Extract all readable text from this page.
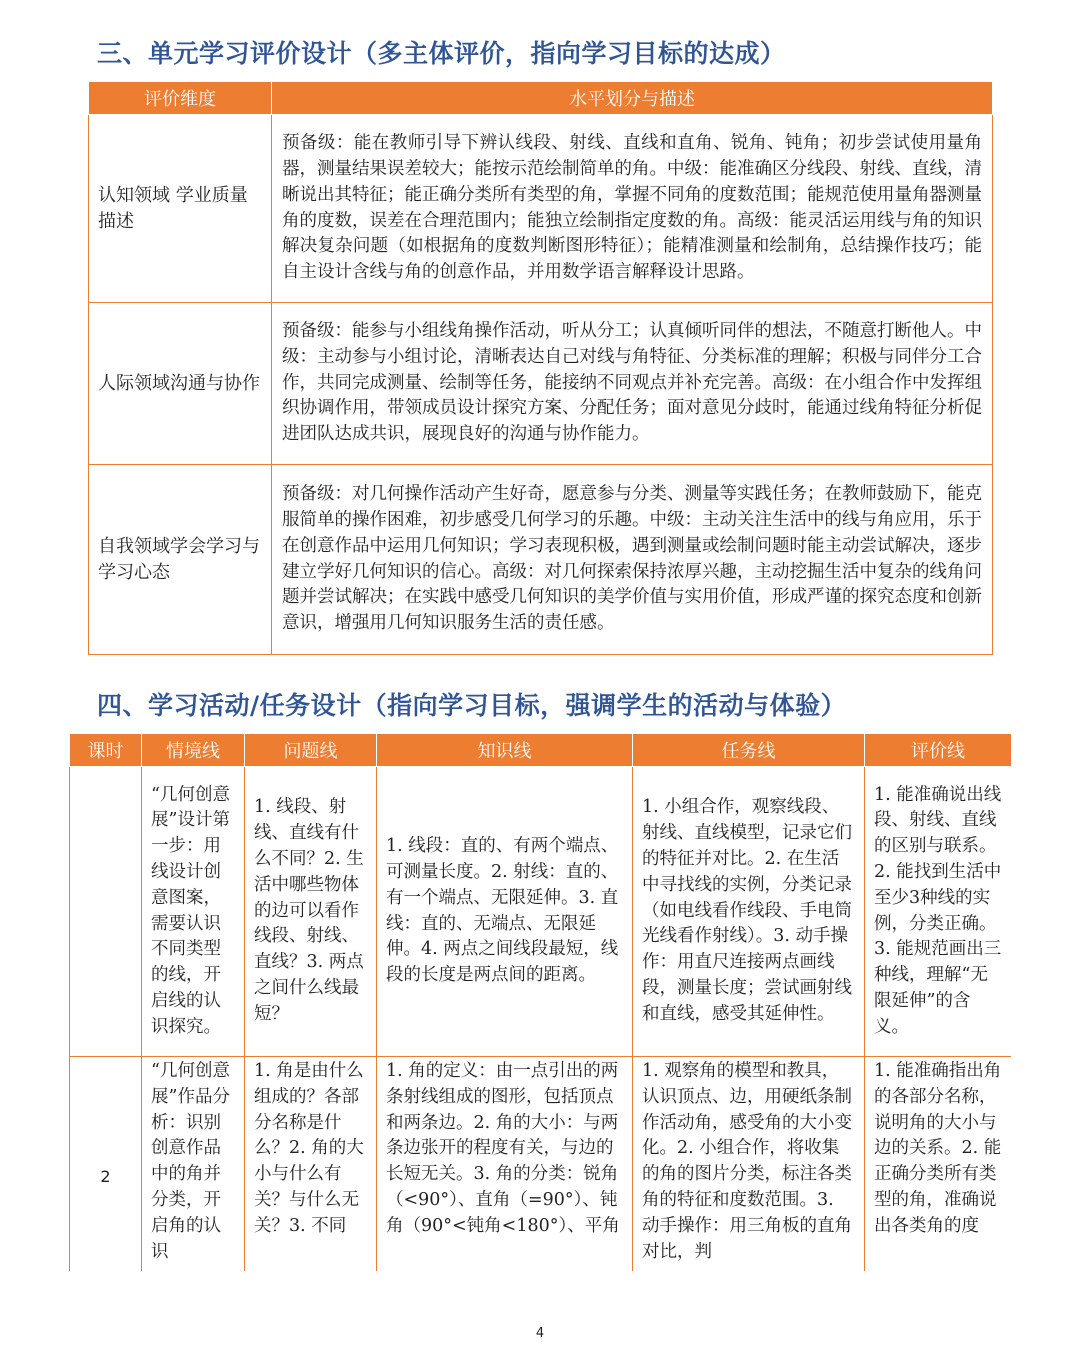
三、单元学习评价设计（多主体评价，指向学习目标的达成）
评价维度	水平划分与描述
认知领域 学业质量描述	预备级：能在教师引导下辨认线段、射线、直线和直角、锐角、钝角；初步尝试使用量角器，测量结果误差较大；能按示范绘制简单的角。中级：能准确区分线段、射线、直线，清晰说出其特征；能正确分类所有类型的角，掌握不同角的度数范围；能规范使用量角器测量角的度数，误差在合理范围内；能独立绘制指定度数的角。高级：能灵活运用线与角的知识解决复杂问题（如根据角的度数判断图形特征）；能精准测量和绘制角，总结操作技巧；能自主设计含线与角的创意作品，并用数学语言解释设计思路。
人际领域沟通与协作	预备级：能参与小组线角操作活动，听从分工；认真倾听同伴的想法，不随意打断他人。中级：主动参与小组讨论，清晰表达自己对线与角特征、分类标准的理解；积极与同伴分工合作，共同完成测量、绘制等任务，能接纳不同观点并补充完善。高级：在小组合作中发挥组织协调作用，带领成员设计探究方案、分配任务；面对意见分歧时，能通过线角特征分析促进团队达成共识，展现良好的沟通与协作能力。
自我领域学会学习与学习心态	预备级：对几何操作活动产生好奇，愿意参与分类、测量等实践任务；在教师鼓励下，能克服简单的操作困难，初步感受几何学习的乐趣。中级：主动关注生活中的线与角应用，乐于在创意作品中运用几何知识；学习表现积极，遇到测量或绘制问题时能主动尝试解决，逐步建立学好几何知识的信心。高级：对几何探索保持浓厚兴趣，主动挖掘生活中复杂的线角问题并尝试解决；在实践中感受几何知识的美学价值与实用价值，形成严谨的探究态度和创新意识，增强用几何知识服务生活的责任感。
四、学习活动/任务设计（指向学习目标，强调学生的活动与体验）
课时	情境线	问题线	知识线	任务线	评价线
	“几何创意展”设计第一步：用线设计创意图案，需要认识不同类型的线，开启线的认识探究。	1. 线段、射线、直线有什么不同？2. 生活中哪些物体的边可以看作线段、射线、直线？3. 两点之间什么线最短？	1. 线段：直的、有两个端点、可测量长度。2. 射线：直的、有一个端点、无限延伸。3. 直线：直的、无端点、无限延伸。4. 两点之间线段最短，线段的长度是两点间的距离。	1. 小组合作，观察线段、射线、直线模型，记录它们的特征并对比。2. 在生活中寻找线的实例，分类记录（如电线看作线段、手电筒光线看作射线）。3. 动手操作：用直尺连接两点画线段，测量长度；尝试画射线和直线，感受其延伸性。	1. 能准确说出线段、射线、直线的区别与联系。2. 能找到生活中至少3种线的实例，分类正确。3. 能规范画出三种线，理解“无限延伸”的含义。
2	“几何创意展”作品分析：识别创意作品中的角并分类，开启角的认识	1. 角是由什么组成的？各部分名称是什么？2. 角的大小与什么有关？与什么无关？3. 不同	1. 角的定义：由一点引出的两条射线组成的图形，包括顶点和两条边。2. 角的大小：与两条边张开的程度有关，与边的长短无关。3. 角的分类：锐角（<90°）、直角（=90°）、钝角（90°<钝角<180°）、平角	1. 观察角的模型和教具，认识顶点、边，用硬纸条制作活动角，感受角的大小变化。2. 小组合作，将收集的角的图片分类，标注各类角的特征和度数范围。3. 动手操作：用三角板的直角对比，判	1. 能准确指出角的各部分名称，说明角的大小与边的关系。2. 能正确分类所有类型的角，准确说出各类角的度
4
